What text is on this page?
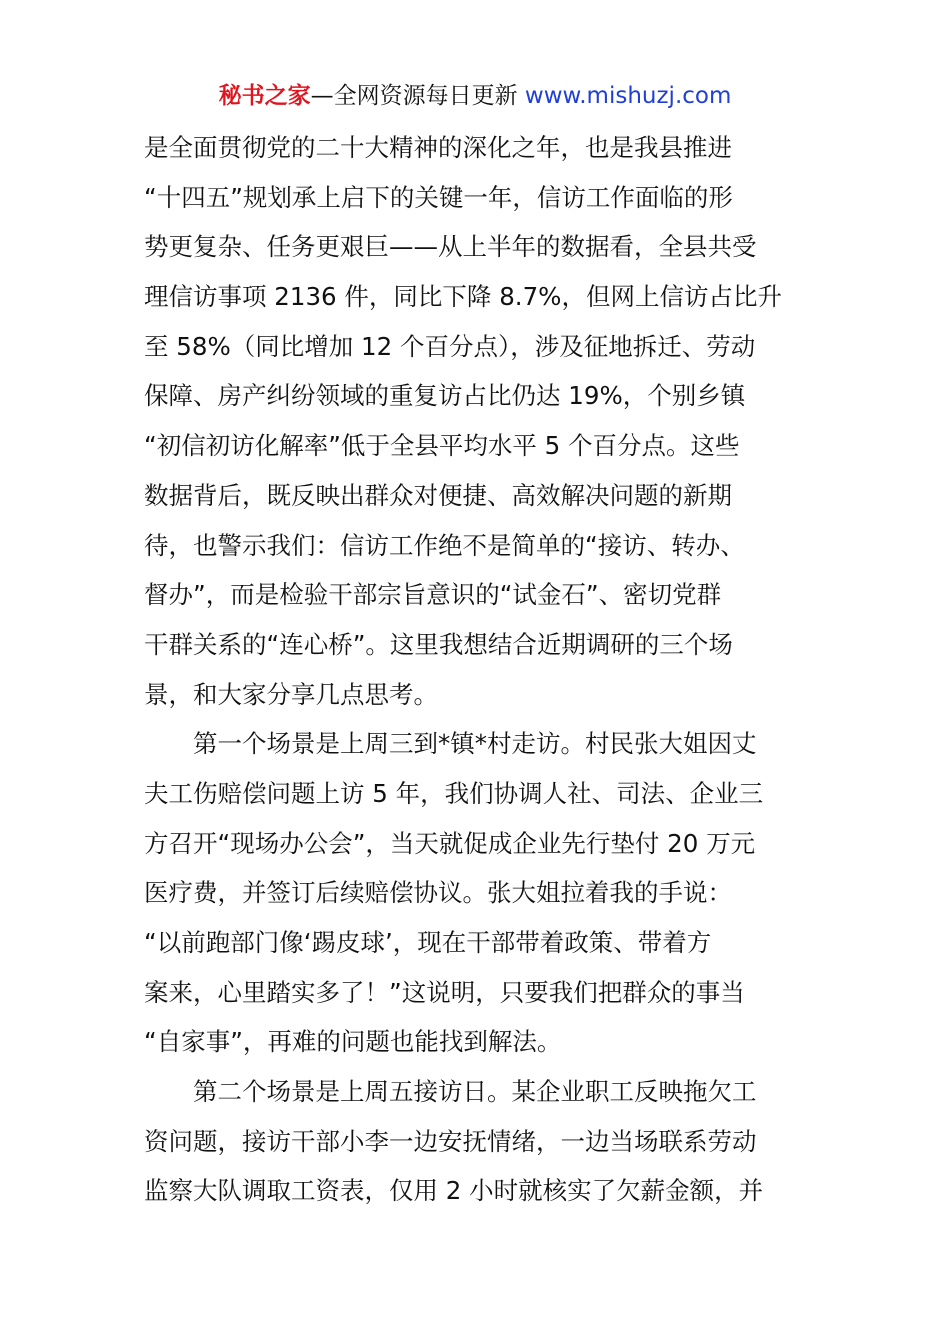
秘书之家—全网资源每日更新 www.mishuzj.com

是全面贯彻党的二十大精神的深化之年，也是我县推进
“十四五”规划承上启下的关键一年，信访工作面临的形
势更复杂、任务更艰巨——从上半年的数据看，全县共受
理信访事项 2136 件，同比下降 8.7%，但网上信访占比升
至 58%（同比增加 12 个百分点），涉及征地拆迁、劳动
保障、房产纠纷领域的重复访占比仍达 19%，个别乡镇
“初信初访化解率”低于全县平均水平 5 个百分点。这些
数据背后，既反映出群众对便捷、高效解决问题的新期
待，也警示我们：信访工作绝不是简单的“接访、转办、
督办”，而是检验干部宗旨意识的“试金石”、密切党群
干群关系的“连心桥”。这里我想结合近期调研的三个场
景，和大家分享几点思考。

第一个场景是上周三到*镇*村走访。村民张大姐因丈
夫工伤赔偿问题上访 5 年，我们协调人社、司法、企业三
方召开“现场办公会”，当天就促成企业先行垫付 20 万元
医疗费，并签订后续赔偿协议。张大姐拉着我的手说：
“以前跑部门像‘踢皮球’，现在干部带着政策、带着方
案来，心里踏实多了！”这说明，只要我们把群众的事当
“自家事”，再难的问题也能找到解法。

第二个场景是上周五接访日。某企业职工反映拖欠工
资问题，接访干部小李一边安抚情绪，一边当场联系劳动
监察大队调取工资表，仅用 2 小时就核实了欠薪金额，并
